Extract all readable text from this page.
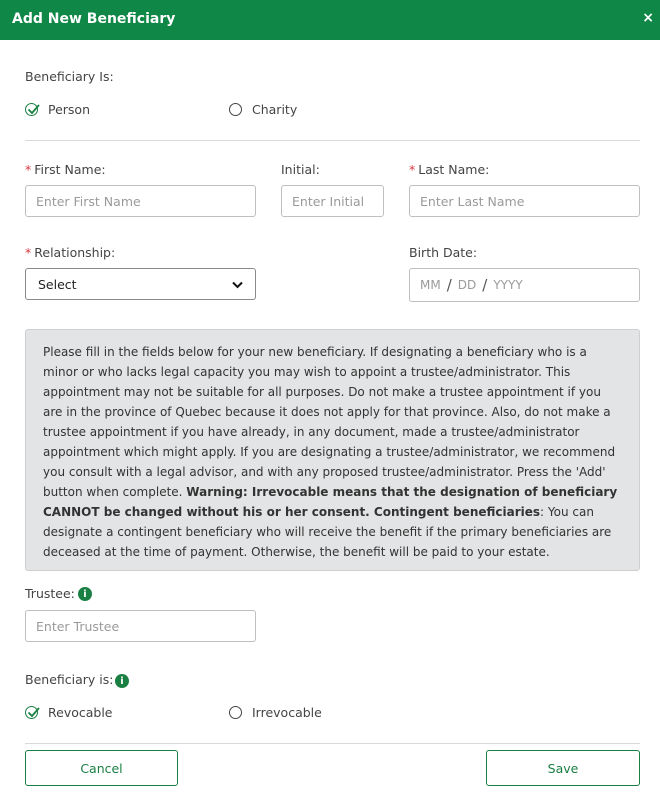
Add New Beneficiary	×
Beneficiary Is:
Person	Charity
* First Name:
Enter First Name
Initial:
Enter Initial
* Last Name:
Enter Last Name
* Relationship:
Select
Birth Date:
MM / DD / YYYY
Please fill in the fields below for your new beneficiary. If designating a beneficiary who is a minor or who lacks legal capacity you may wish to appoint a trustee/administrator. This appointment may not be suitable for all purposes. Do not make a trustee appointment if you are in the province of Quebec because it does not apply for that province. Also, do not make a trustee appointment if you have already, in any document, made a trustee/administrator appointment which might apply. If you are designating a trustee/administrator, we recommend you consult with a legal advisor, and with any proposed trustee/administrator. Press the 'Add' button when complete. Warning: Irrevocable means that the designation of beneficiary CANNOT be changed without his or her consent. Contingent beneficiaries: You can designate a contingent beneficiary who will receive the benefit if the primary beneficiaries are deceased at the time of payment. Otherwise, the benefit will be paid to your estate.
Trustee: i
Enter Trustee
Beneficiary is: i
Revocable	Irrevocable
Cancel	Save
